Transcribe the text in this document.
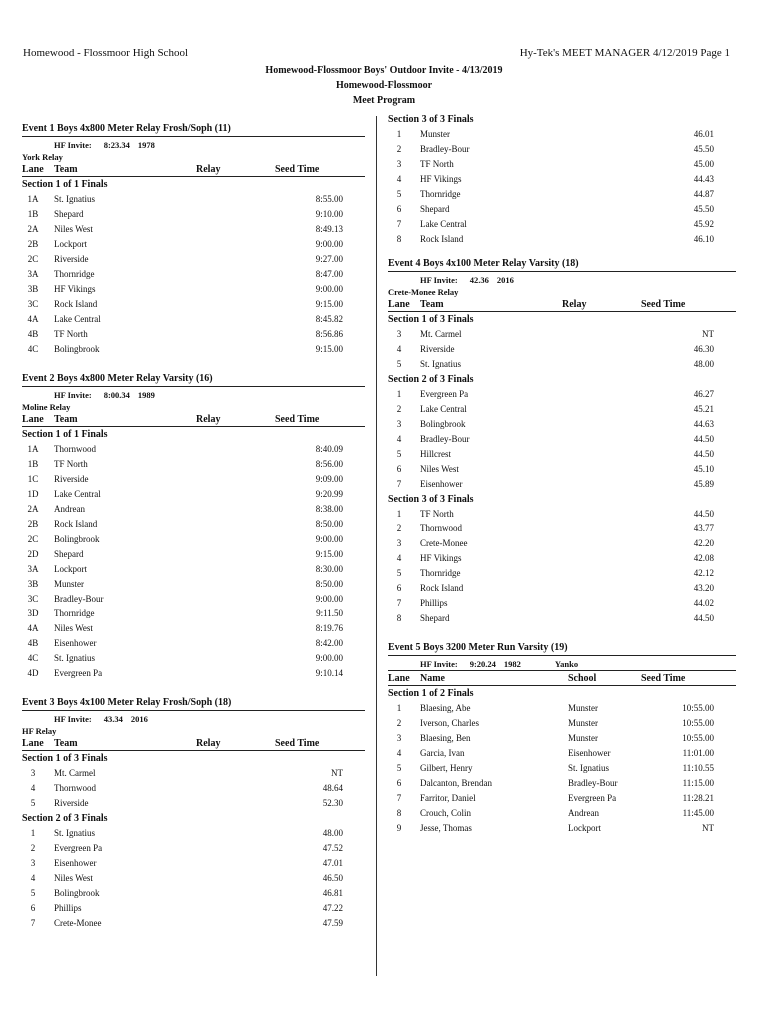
Homewood - Flossmoor High School	Hy-Tek's MEET MANAGER 4/12/2019 Page 1
Homewood-Flossmoor Boys' Outdoor Invite - 4/13/2019
Homewood-Flossmoor
Meet Program
Event 1 Boys 4x800 Meter Relay Frosh/Soph (11)
HF Invite: 8:23.34 1978
York Relay
Lane Team	Relay	Seed Time
Section 1 of 1 Finals
1A	St. Ignatius	8:55.00
1B	Shepard	9:10.00
2A	Niles West	8:49.13
2B	Lockport	9:00.00
2C	Riverside	9:27.00
3A	Thornridge	8:47.00
3B	HF Vikings	9:00.00
3C	Rock Island	9:15.00
4A	Lake Central	8:45.82
4B	TF North	8:56.86
4C	Bolingbrook	9:15.00
Event 2 Boys 4x800 Meter Relay Varsity (16)
HF Invite: 8:00.34 1989
Moline Relay
Lane Team	Relay	Seed Time
Section 1 of 1 Finals
1A	Thornwood	8:40.09
1B	TF North	8:56.00
1C	Riverside	9:09.00
1D	Lake Central	9:20.99
2A	Andrean	8:38.00
2B	Rock Island	8:50.00
2C	Bolingbrook	9:00.00
2D	Shepard	9:15.00
3A	Lockport	8:30.00
3B	Munster	8:50.00
3C	Bradley-Bour	9:00.00
3D	Thornridge	9:11.50
4A	Niles West	8:19.76
4B	Eisenhower	8:42.00
4C	St. Ignatius	9:00.00
4D	Evergreen Pa	9:10.14
Event 3 Boys 4x100 Meter Relay Frosh/Soph (18)
HF Invite: 43.34 2016
HF Relay
Lane Team	Relay	Seed Time
Section 1 of 3 Finals
3	Mt. Carmel	NT
4	Thornwood	48.64
5	Riverside	52.30
Section 2 of 3 Finals
1	St. Ignatius	48.00
2	Evergreen Pa	47.52
3	Eisenhower	47.01
4	Niles West	46.50
5	Bolingbrook	46.81
6	Phillips	47.22
7	Crete-Monee	47.59
Section 3 of 3 Finals
1	Munster	46.01
2	Bradley-Bour	45.50
3	TF North	45.00
4	HF Vikings	44.43
5	Thornridge	44.87
6	Shepard	45.50
7	Lake Central	45.92
8	Rock Island	46.10
Event 4 Boys 4x100 Meter Relay Varsity (18)
HF Invite: 42.36 2016
Crete-Monee Relay
Lane Team	Relay	Seed Time
Section 1 of 3 Finals
3	Mt. Carmel	NT
4	Riverside	46.30
5	St. Ignatius	48.00
Section 2 of 3 Finals
1	Evergreen Pa	46.27
2	Lake Central	45.21
3	Bolingbrook	44.63
4	Bradley-Bour	44.50
5	Hillcrest	44.50
6	Niles West	45.10
7	Eisenhower	45.89
Section 3 of 3 Finals
1	TF North	44.50
2	Thornwood	43.77
3	Crete-Monee	42.20
4	HF Vikings	42.08
5	Thornridge	42.12
6	Rock Island	43.20
7	Phillips	44.02
8	Shepard	44.50
Event 5 Boys 3200 Meter Run Varsity (19)
HF Invite: 9:20.24 1982	Yanko
Lane Name	School	Seed Time
Section 1 of 2 Finals
1	Blaesing, Abe	Munster	10:55.00
2	Iverson, Charles	Munster	10:55.00
3	Blaesing, Ben	Munster	10:55.00
4	Garcia, Ivan	Eisenhower	11:01.00
5	Gilbert, Henry	St. Ignatius	11:10.55
6	Dalcanton, Brendan	Bradley-Bour	11:15.00
7	Farritor, Daniel	Evergreen Pa	11:28.21
8	Crouch, Colin	Andrean	11:45.00
9	Jesse, Thomas	Lockport	NT
